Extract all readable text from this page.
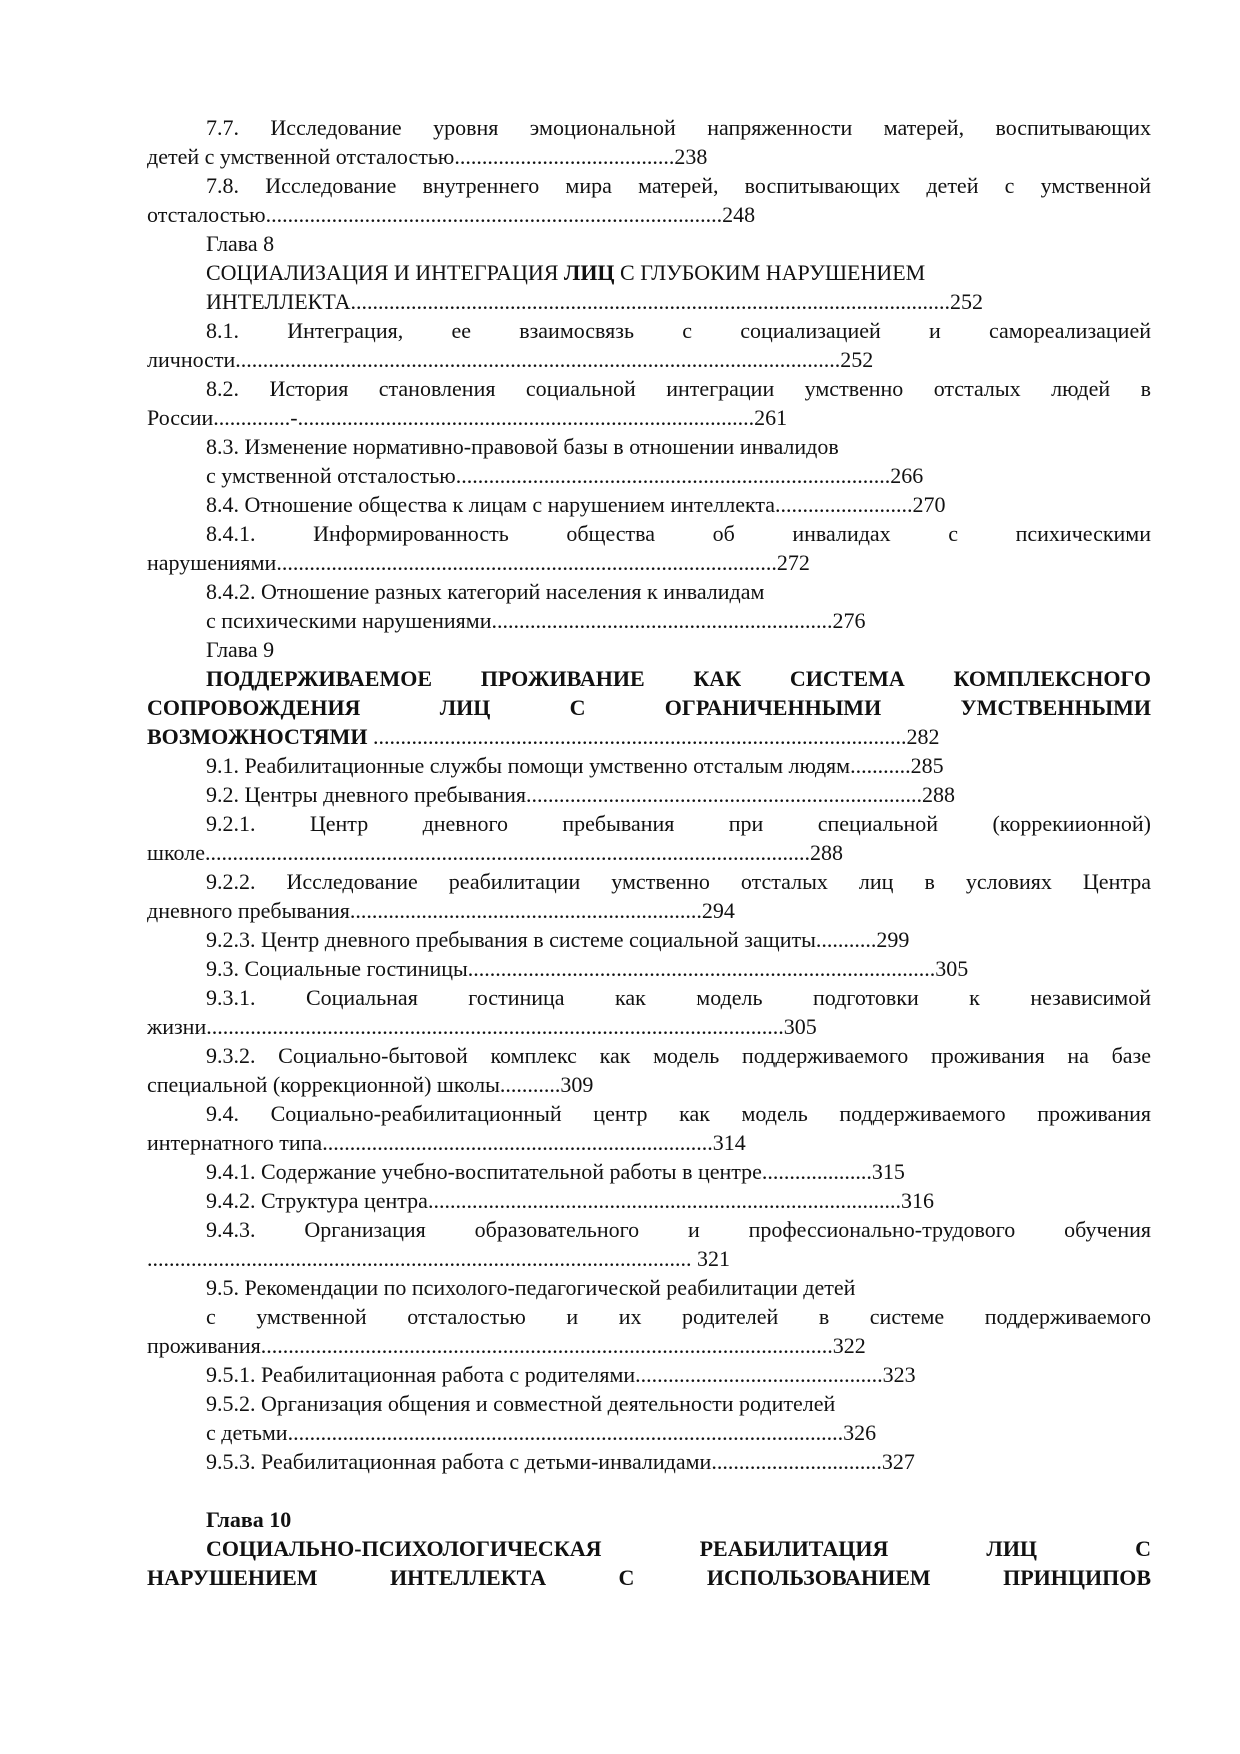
7.7. Исследование уровня эмоциональной напряженности матерей, воспитывающих
детей с умственной отсталостью........................................238
7.8. Исследование внутреннего мира матерей, воспитывающих детей с умственной
отсталостью...................................................................................248
Глава 8
СОЦИАЛИЗАЦИЯ И ИНТЕГРАЦИЯ ЛИЦ С ГЛУБОКИМ НАРУШЕНИЕМ
ИНТЕЛЛЕКТА.............................................................................................................252
8.1. Интеграция, ее взаимосвязь с социализацией и самореализацией
личности..............................................................................................................252
8.2. История становления социальной интеграции умственно отсталых людей в
России..............-...................................................................................261
8.3. Изменение нормативно-правовой базы в отношении инвалидов
с умственной отсталостью...............................................................................266
8.4. Отношение общества к лицам с нарушением интеллекта.........................270
8.4.1. Информированность общества об инвалидах с психическими
нарушениями...........................................................................................272
8.4.2. Отношение разных категорий населения к инвалидам
с психическими нарушениями..............................................................276
Глава 9
ПОДДЕРЖИВАЕМОЕ ПРОЖИВАНИЕ КАК СИСТЕМА КОМПЛЕКСНОГО
СОПРОВОЖДЕНИЯ ЛИЦ С ОГРАНИЧЕННЫМИ УМСТВЕННЫМИ
ВОЗМОЖНОСТЯМИ .................................................................................................282
9.1. Реабилитационные службы помощи умственно отсталым людям...........285
9.2. Центры дневного пребывания........................................................................288
9.2.1. Центр дневного пребывания при специальной (коррекиионной)
школе..............................................................................................................288
9.2.2. Исследование реабилитации умственно отсталых лиц в условиях Центра
дневного пребывания................................................................294
9.2.3. Центр дневного пребывания в системе социальной защиты...........299
9.3. Социальные гостиницы.....................................................................................305
9.3.1. Социальная гостиница как модель подготовки к независимой
жизни.........................................................................................................305
9.3.2. Социально-бытовой комплекс как модель поддерживаемого проживания на базе
специальной (коррекционной) школы...........309
9.4. Социально-реабилитационный центр как модель поддерживаемого проживания
интернатного типа.......................................................................314
9.4.1. Содержание учебно-воспитательной работы в центре....................315
9.4.2. Структура центра......................................................................................316
9.4.3. Организация образовательного и профессионально-трудового обучения
................................................................................................... 321
9.5. Рекомендации по психолого-педагогической реабилитации детей
с умственной отсталостью и их родителей в системе поддерживаемого
проживания........................................................................................................322
9.5.1. Реабилитационная работа с родителями.............................................323
9.5.2. Организация общения и совместной деятельности родителей
с детьми.....................................................................................................326
9.5.3. Реабилитационная работа с детьми-инвалидами...............................327
Глава 10
СОЦИАЛЬНО-ПСИХОЛОГИЧЕСКАЯ РЕАБИЛИТАЦИЯ ЛИЦ С
НАРУШЕНИЕМ ИНТЕЛЛЕКТА С ИСПОЛЬЗОВАНИЕМ ПРИНЦИПОВ
